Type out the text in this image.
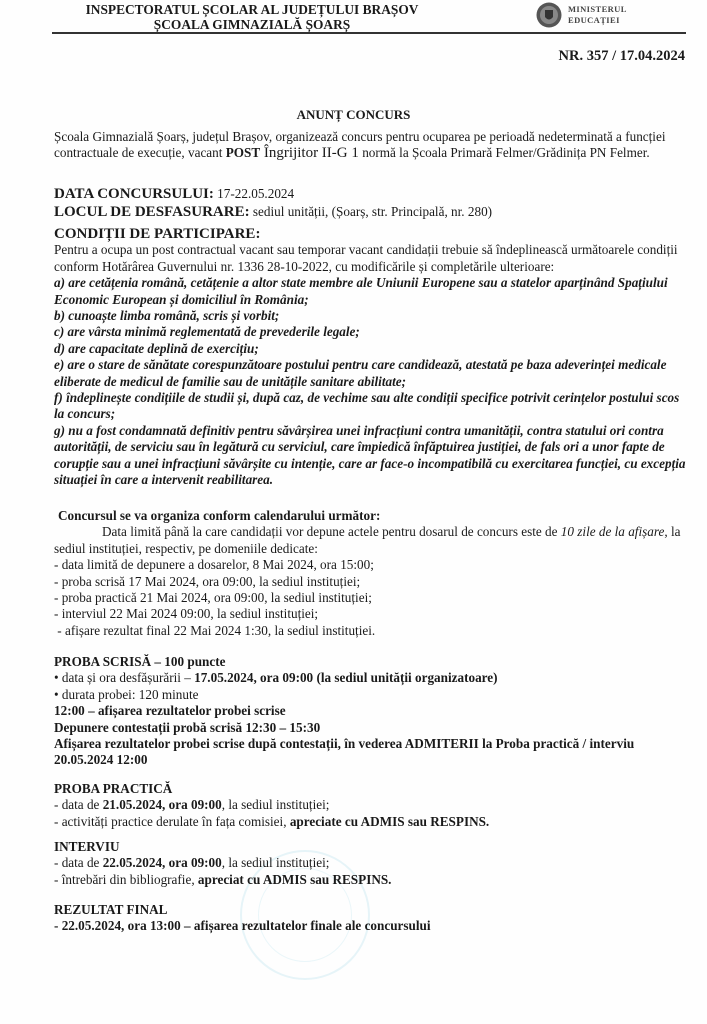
INSPECTORATUL ȘCOLAR AL JUDEȚULUI BRAȘOV
ȘCOALA GIMNAZIALĂ ȘOARȘ
MINISTERUL
EDUCAȚIEI
NR. 357 / 17.04.2024
ANUNȚ CONCURS

Școala Gimnazială Șoarș, județul Brașov, organizează concurs pentru ocuparea pe perioadă nedeterminată a funcției contractuale de execuție, vacant POST Îngrijitor II-G 1 normă la Școala Primară Felmer/Grădinița PN Felmer.

DATA CONCURSULUI: 17-22.05.2024

LOCUL DE DESFASURARE: sediul unității, (Șoarș, str. Principală, nr. 280)

CONDIȚII DE PARTICIPARE:

Pentru a ocupa un post contractual vacant sau temporar vacant candidații trebuie să îndeplinească următoarele condiții conform Hotărârea Guvernului nr. 1336 28-10-2022, cu modificările și completările ulterioare:

a) are cetățenia română, cetățenie a altor state membre ale Uniunii Europene sau a statelor aparținând Spațiului Economic European și domiciliul în România;

b) cunoaște limba română, scris și vorbit;

c) are vârsta minimă reglementată de prevederile legale;

d) are capacitate deplină de exercițiu;

e) are o stare de sănătate corespunzătoare postului pentru care candidează, atestată pe baza adeverinței medicale eliberate de medicul de familie sau de unitățile sanitare abilitate;

f) îndeplinește condițiile de studii și, după caz, de vechime sau alte condiții specifice potrivit cerințelor postului scos la concurs;

g) nu a fost condamnată definitiv pentru săvârșirea unei infracțiuni contra umanității, contra statului ori contra autorității, de serviciu sau în legătură cu serviciul, care împiedică înfăptuirea justiției, de fals ori a unor fapte de corupție sau a unei infracțiuni săvârșite cu intenție, care ar face-o incompatibilă cu exercitarea funcției, cu excepția situației în care a intervenit reabilitarea.

Concursul se va organiza conform calendarului următor:

Data limită până la care candidații vor depune actele pentru dosarul de concurs este de 10 zile de la afișare, la sediul instituției, respectiv, pe domeniile dedicate:

- data limită de depunere a dosarelor, 8 Mai 2024, ora 15:00;

- proba scrisă 17 Mai 2024, ora 09:00, la sediul instituției;

- proba practică 21 Mai 2024, ora 09:00, la sediul instituției;

- interviul 22 Mai 2024 09:00, la sediul instituției;

- afișare rezultat final 22 Mai 2024 1:30, la sediul instituției.

PROBA SCRISĂ – 100 puncte

• data și ora desfășurării – 17.05.2024, ora 09:00 (la sediul unității organizatoare)

• durata probei: 120 minute

12:00 – afișarea rezultatelor probei scrise

Depunere contestații probă scrisă 12:30 – 15:30

Afișarea rezultatelor probei scrise după contestații, în vederea ADMITERII la Proba practică / interviu 20.05.2024 12:00

PROBA PRACTICĂ

- data de 21.05.2024, ora 09:00, la sediul instituției;

- activități practice derulate în fața comisiei, apreciate cu ADMIS sau RESPINS.

INTERVIU

- data de 22.05.2024, ora 09:00, la sediul instituției;

- întrebări din bibliografie, apreciat cu ADMIS sau RESPINS.

REZULTAT FINAL

- 22.05.2024, ora 13:00 – afișarea rezultatelor finale ale concursului
